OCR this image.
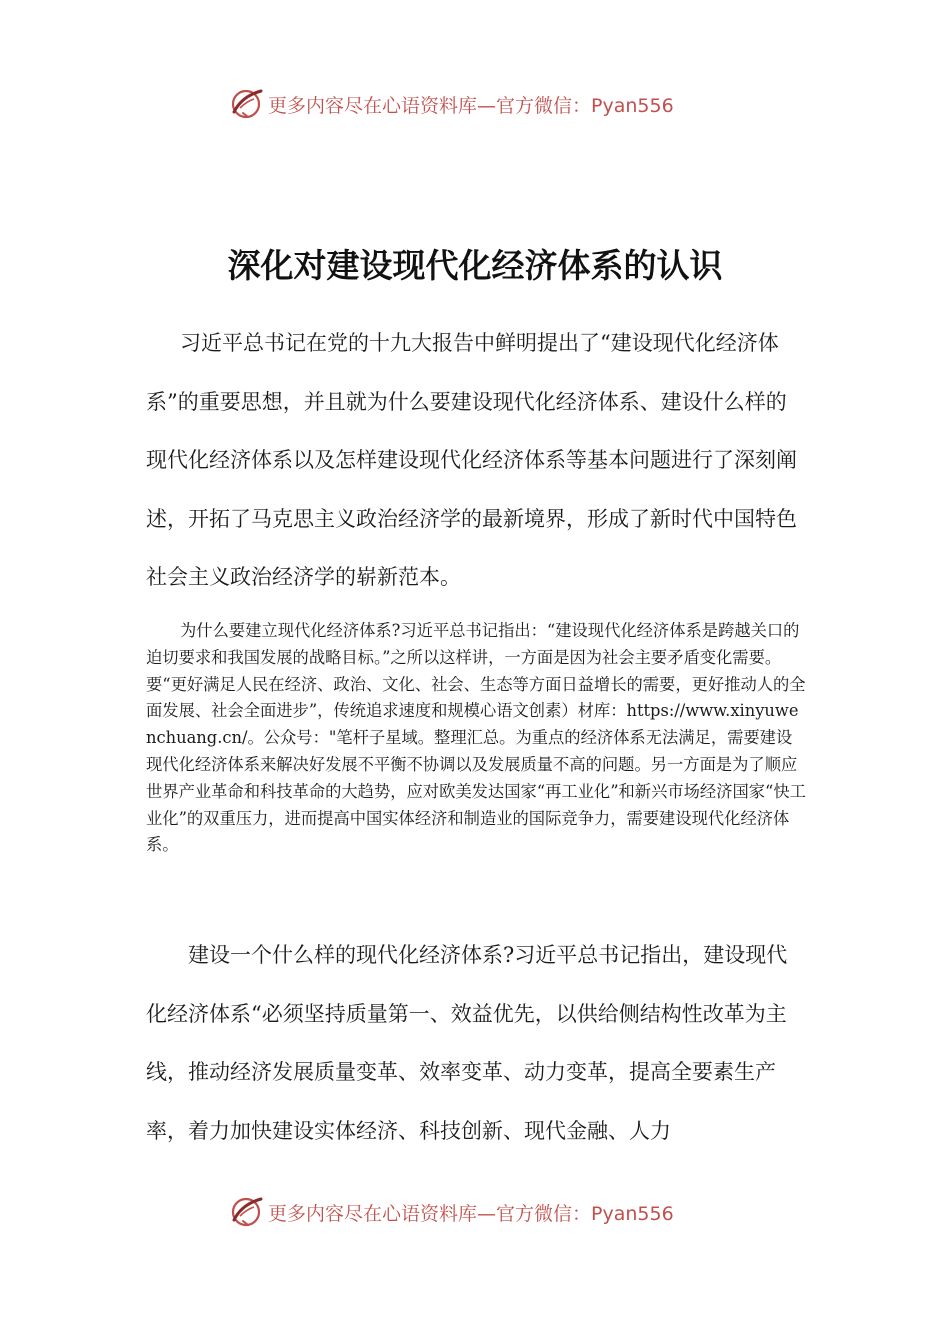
更多内容尽在心语资料库—官方微信：Pyan556
深化对建设现代化经济体系的认识

习近平总书记在党的十九大报告中鲜明提出了“建设现代化经济体系”的重要思想，并且就为什么要建设现代化经济体系、建设什么样的现代化经济体系以及怎样建设现代化经济体系等基本问题进行了深刻阐述，开拓了马克思主义政治经济学的最新境界，形成了新时代中国特色社会主义政治经济学的崭新范本。

为什么要建立现代化经济体系?习近平总书记指出：“建设现代化经济体系是跨越关口的迫切要求和我国发展的战略目标。”之所以这样讲，一方面是因为社会主要矛盾变化需要。要“更好满足人民在经济、政治、文化、社会、生态等方面日益增长的需要，更好推动人的全面发展、社会全面进步”，传统追求速度和规模心语文创素）材库：https://www.xinyuwenchuang.cn/。公众号："笔杆子星域。整理汇总。为重点的经济体系无法满足，需要建设现代化经济体系来解决好发展不平衡不协调以及发展质量不高的问题。另一方面是为了顺应世界产业革命和科技革命的大趋势，应对欧美发达国家“再工业化”和新兴市场经济国家“快工业化”的双重压力，进而提高中国实体经济和制造业的国际竞争力，需要建设现代化经济体系。

建设一个什么样的现代化经济体系?习近平总书记指出，建设现代化经济体系“必须坚持质量第一、效益优先，以供给侧结构性改革为主线，推动经济发展质量变革、效率变革、动力变革，提高全要素生产率，着力加快建设实体经济、科技创新、现代金融、人力

更多内容尽在心语资料库—官方微信：Pyan556
